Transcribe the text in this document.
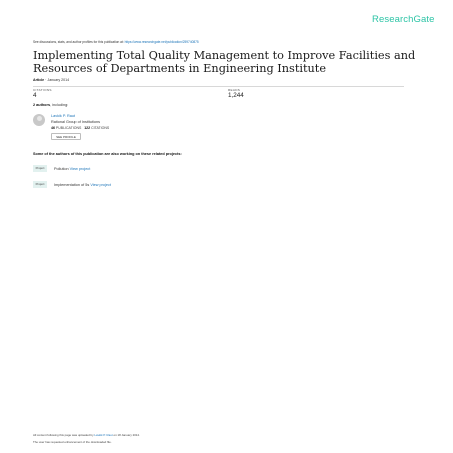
ResearchGate
See discussions, stats, and author profiles for this publication at: https://www.researchgate.net/publication/259740875
Implementing Total Quality Management to Improve Facilities and Resources of Departments in Engineering Institute
Article · January 2014
CITATIONS
4
READS
1,244
2 authors, including:
Lavkik P. Raut
Rational Group of Institutions
46 PUBLICATIONS 122 CITATIONS
SEE PROFILE
Some of the authors of this publication are also working on these related projects:
Project	Pollution View project
Project	Implementation of 5s View project
All content following this page was uploaded by Lavkik P. Raut on 18 January 2014.
The user has requested enhancement of the downloaded file.
